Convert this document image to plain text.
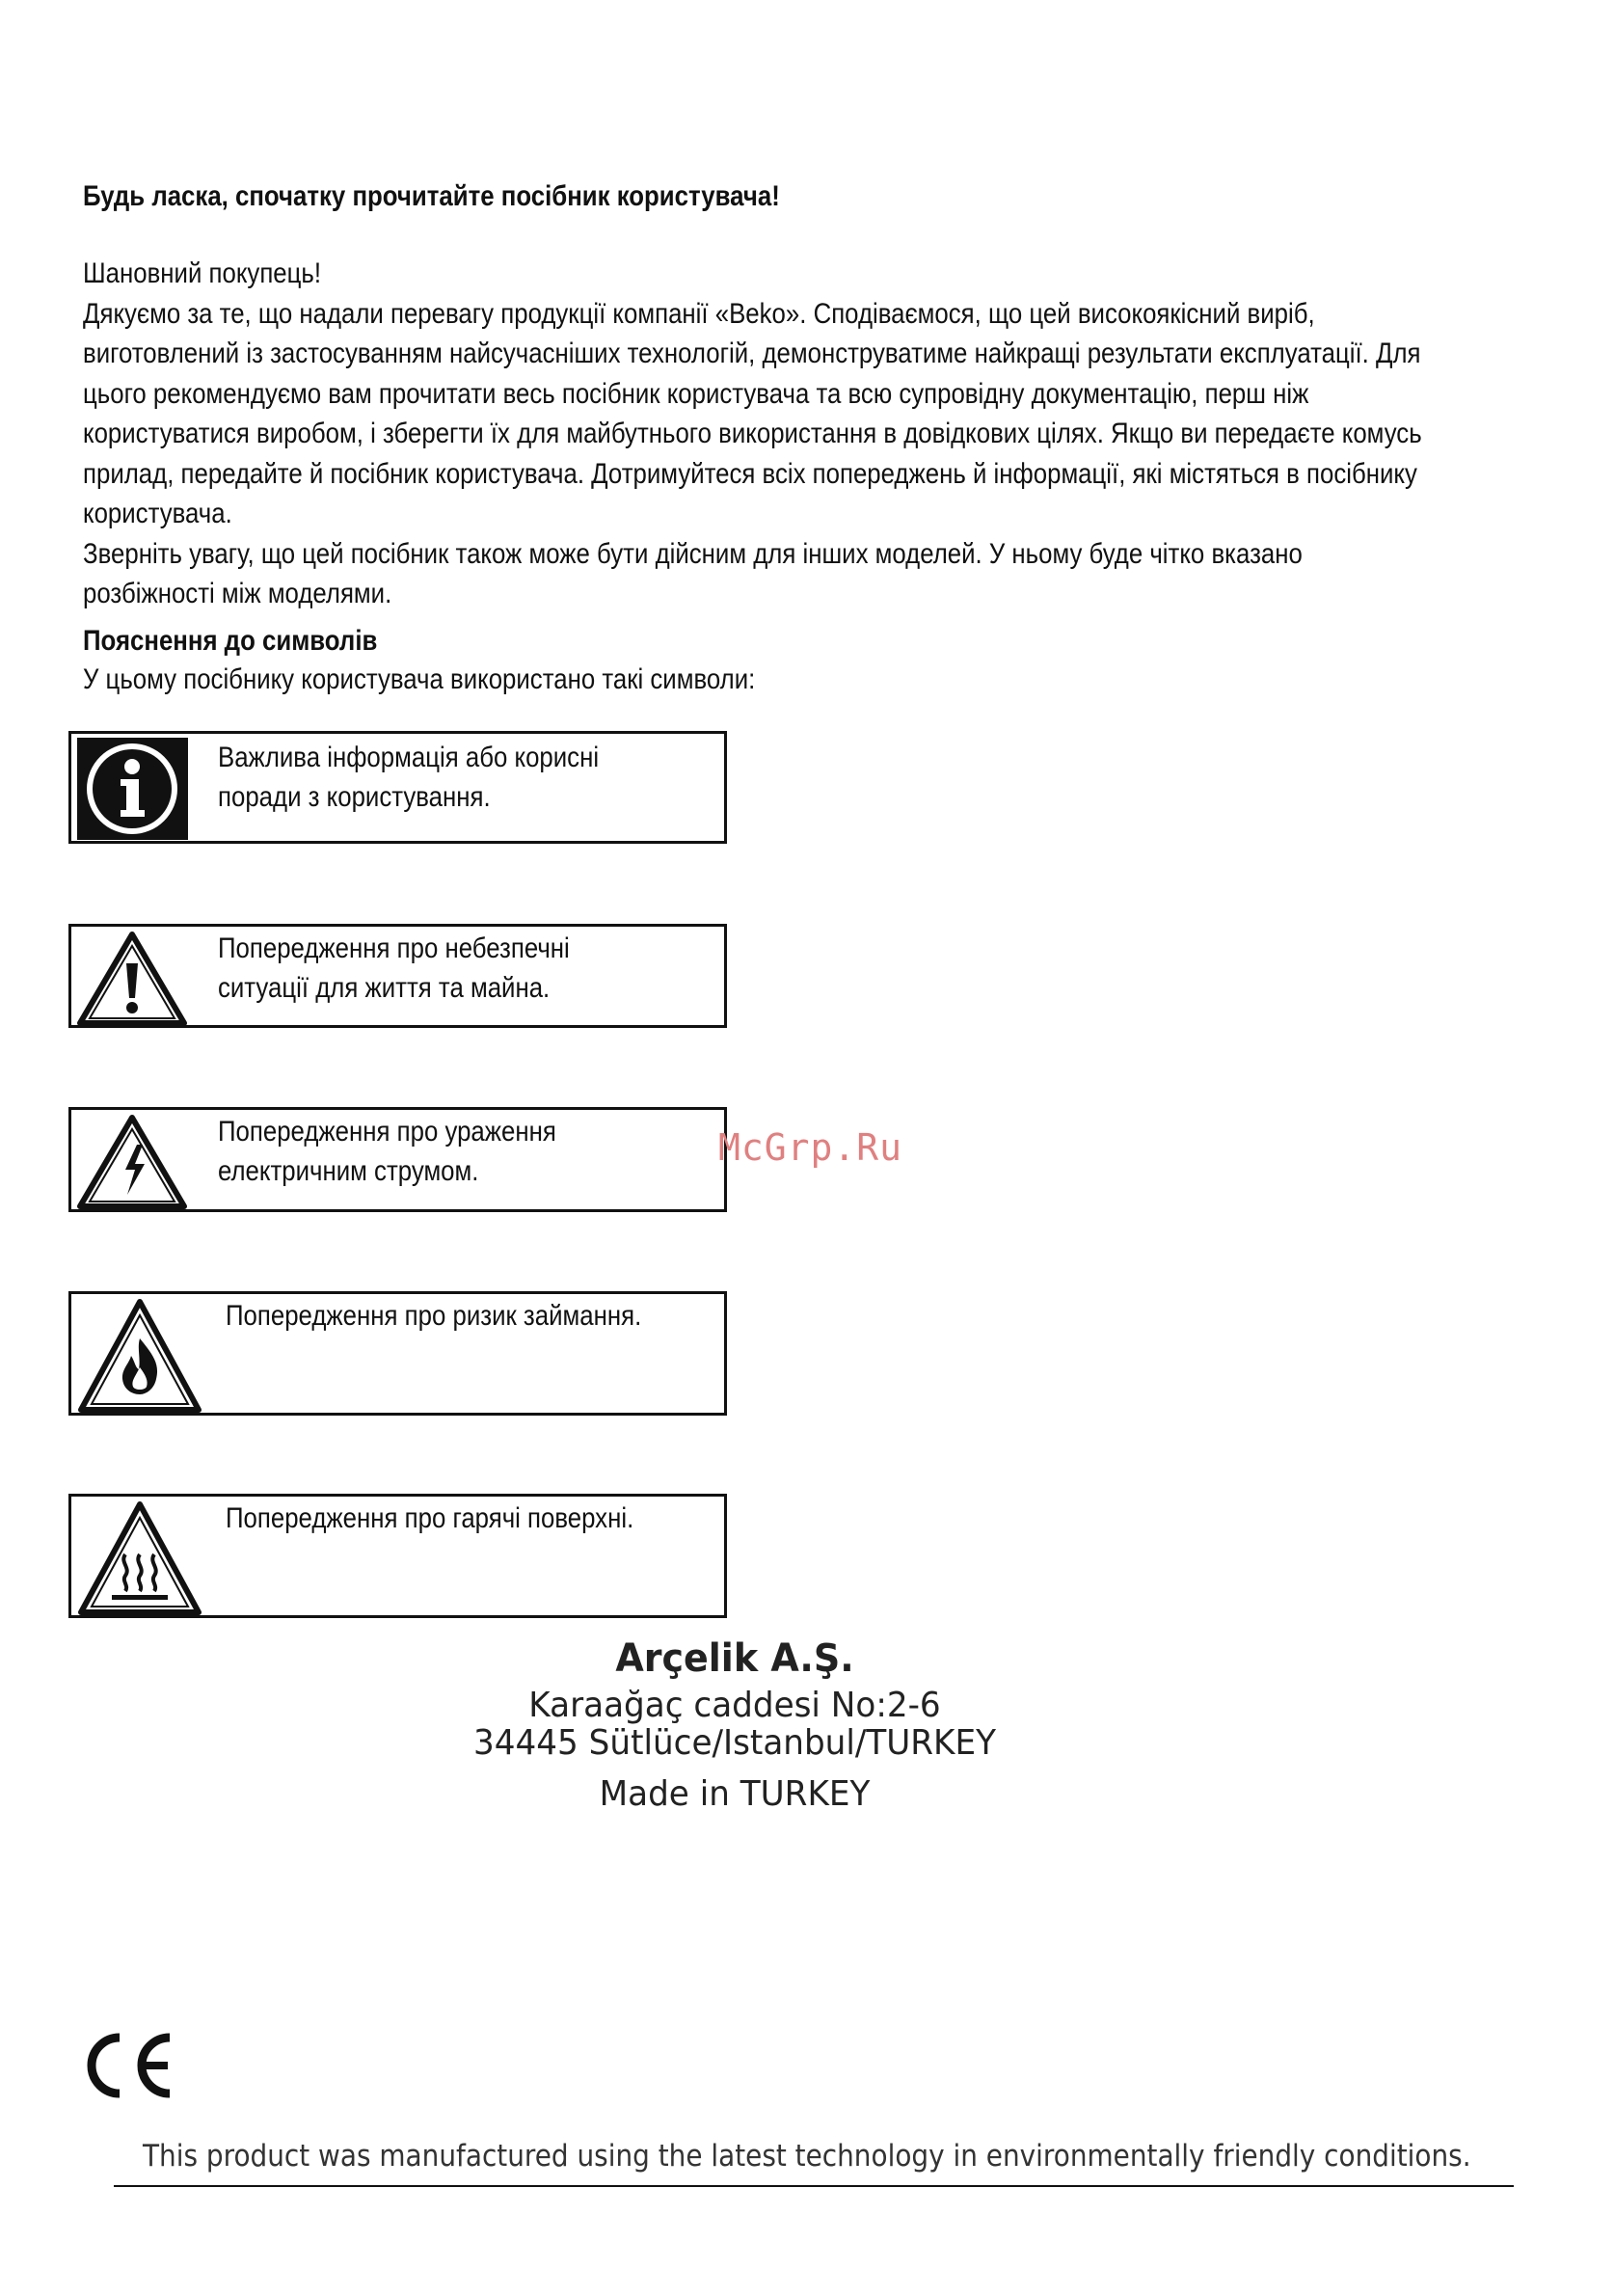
Будь ласка, спочатку прочитайте посібник користувача!

Шановний покупець!

Дякуємо за те, що надали перевагу продукції компанії «Beko». Сподіваємося, що цей високоякісний виріб, виготовлений із застосуванням найсучасніших технологій, демонструватиме найкращі результати експлуатації. Для цього рекомендуємо вам прочитати весь посібник користувача та всю супровідну документацію, перш ніж користуватися виробом, і зберегти їх для майбутнього використання в довідкових цілях. Якщо ви передаєте комусь прилад, передайте й посібник користувача. Дотримуйтеся всіх попереджень й інформації, які містяться в посібнику користувача.

Зверніть увагу, що цей посібник також може бути дійсним для інших моделей. У ньому буде чітко вказано розбіжності між моделями.

Пояснення до символів
У цьому посібнику користувача використано такі символи:
Важлива інформація або корисні
поради з користування.
Попередження про небезпечні
ситуації для життя та майна.
Попередження про ураження
електричним струмом.
Попередження про ризик займання.
Попередження про гарячі поверхні.
McGrp.Ru
Arçelik A.Ş.
Karaağaç caddesi No:2-6
34445 Sütlüce/Istanbul/TURKEY
Made in TURKEY
This product was manufactured using the latest technology in environmentally friendly conditions.
